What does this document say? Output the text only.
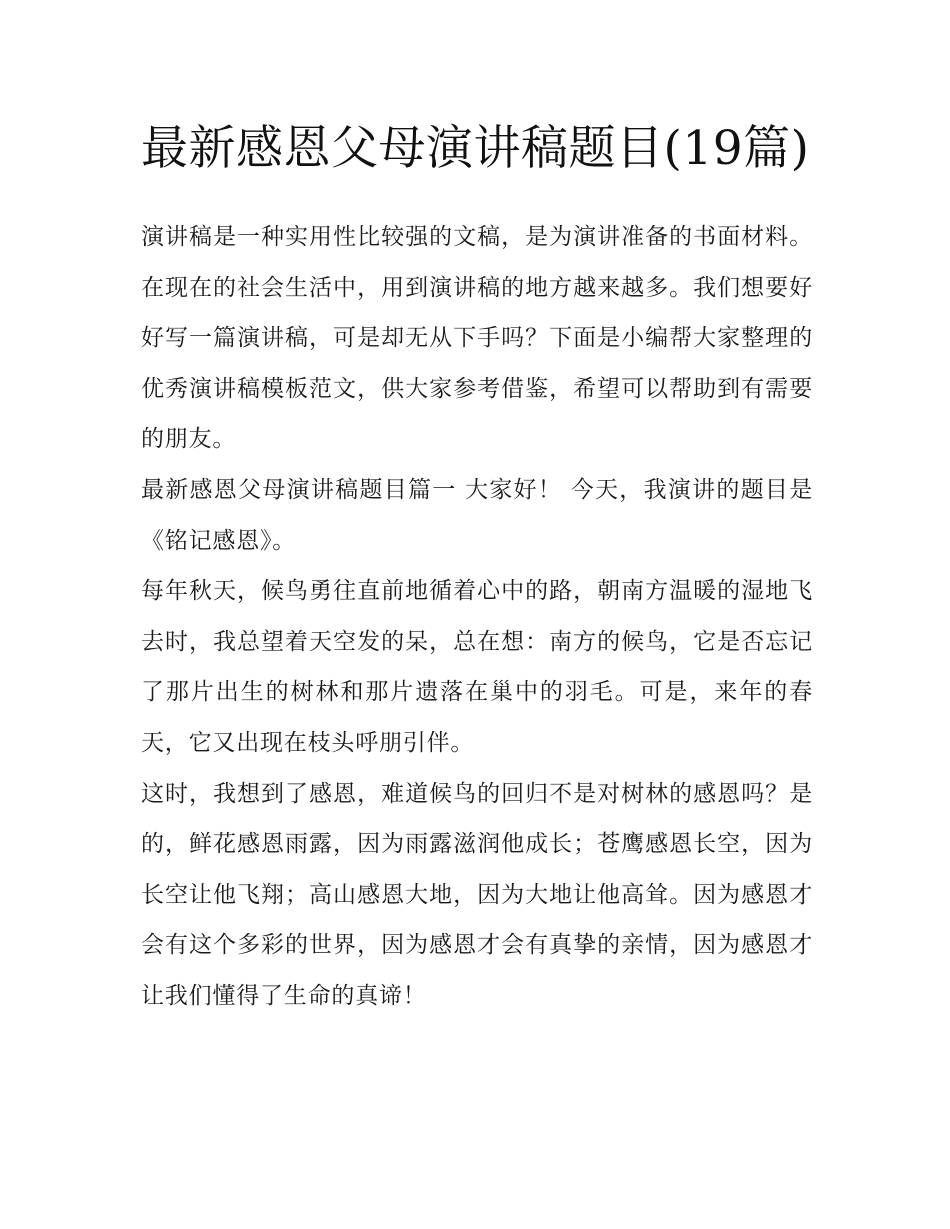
最新感恩父母演讲稿题目(19篇)

演讲稿是一种实用性比较强的文稿，是为演讲准备的书面材料。在现在的社会生活中，用到演讲稿的地方越来越多。我们想要好好写一篇演讲稿，可是却无从下手吗？下面是小编帮大家整理的优秀演讲稿模板范文，供大家参考借鉴，希望可以帮助到有需要的朋友。

最新感恩父母演讲稿题目篇一 大家好！ 今天，我演讲的题目是《铭记感恩》。

每年秋天，候鸟勇往直前地循着心中的路，朝南方温暖的湿地飞去时，我总望着天空发的呆，总在想：南方的候鸟，它是否忘记了那片出生的树林和那片遗落在巢中的羽毛。可是，来年的春天，它又出现在枝头呼朋引伴。

这时，我想到了感恩，难道候鸟的回归不是对树林的感恩吗？是的，鲜花感恩雨露，因为雨露滋润他成长；苍鹰感恩长空，因为长空让他飞翔；高山感恩大地，因为大地让他高耸。因为感恩才会有这个多彩的世界，因为感恩才会有真挚的亲情，因为感恩才让我们懂得了生命的真谛！
